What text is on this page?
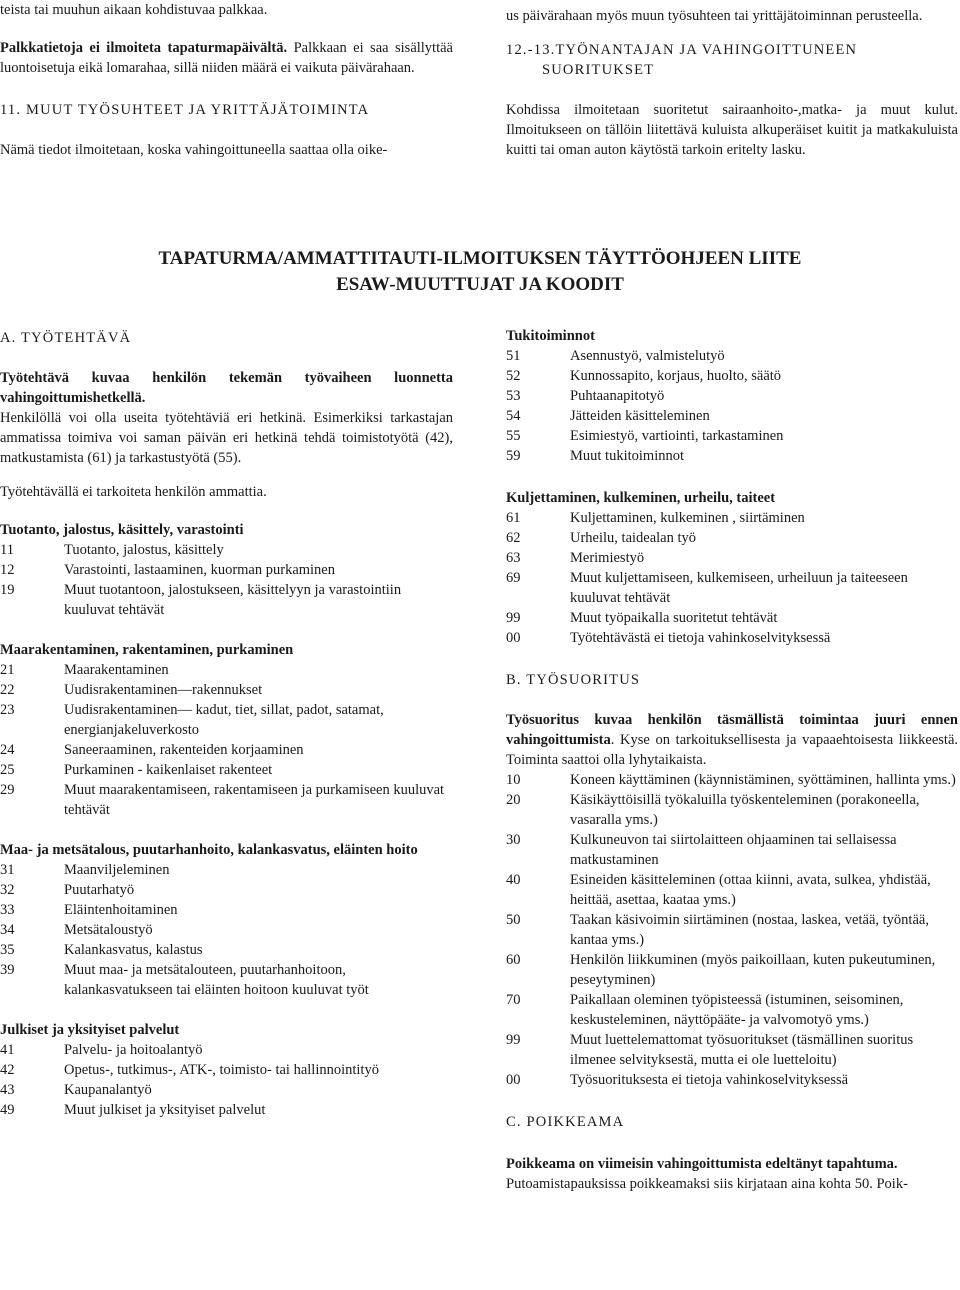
teista tai muuhun aikaan kohdistuvaa palkkaa.

Palkkatietoja ei ilmoiteta tapaturmapäivältä. Palkkaan ei saa sisällyttää luontoisetuja eikä lomarahaa, sillä niiden määrä ei vaikuta päivärahaan.

11. MUUT TYÖSUHTEET JA YRITTÄJÄTOIMINTA

Nämä tiedot ilmoitetaan, koska vahingoittuneella saattaa olla oike-

us päivärahaan myös muun työsuhteen tai yrittäjätoiminnan perusteella.

12.-13.TYÖNANTAJAN JA VAHINGOITTUNEEN

SUORITUKSET

Kohdissa ilmoitetaan suoritetut sairaanhoito-,matka- ja muut kulut. Ilmoitukseen on tällöin liitettävä kuluista alkuperäiset kuitit ja matkakuluista kuitti tai oman auton käytöstä tarkoin eritelty lasku.

TAPATURMA/AMMATTITAUTI-ILMOITUKSEN TÄYTTÖOHJEEN LIITE
ESAW-MUUTTUJAT JA KOODIT

A. TYÖTEHTÄVÄ

Työtehtävä kuvaa henkilön tekemän työvaiheen luonnetta vahingoittumishetkellä.

Henkilöllä voi olla useita työtehtäviä eri hetkinä. Esimerkiksi tarkastajan ammatissa toimiva voi saman päivän eri hetkinä tehdä toimistotyötä (42), matkustamista (61) ja tarkastustyötä (55).

Työtehtävällä ei tarkoiteta henkilön ammattia.

Tuotanto, jalostus, käsittely, varastointi

11	Tuotanto, jalostus, käsittely
12	Varastointi, lastaaminen, kuorman purkaminen
19	Muut tuotantoon, jalostukseen, käsittelyyn ja varastointiin kuuluvat tehtävät

Maarakentaminen, rakentaminen, purkaminen

21	Maarakentaminen
22	Uudisrakentaminen—rakennukset
23	Uudisrakentaminen— kadut, tiet, sillat, padot, satamat, energianjakeluverkosto
24	Saneeraaminen, rakenteiden korjaaminen
25	Purkaminen - kaikenlaiset rakenteet
29	Muut maarakentamiseen, rakentamiseen ja purkamiseen kuuluvat tehtävät

Maa- ja metsätalous, puutarhanhoito, kalankasvatus, eläinten hoito

31	Maanviljeleminen
32	Puutarhatyö
33	Eläintenhoitaminen
34	Metsätaloustyö
35	Kalankasvatus, kalastus
39	Muut maa- ja metsätalouteen, puutarhanhoitoon, kalankasvatukseen tai eläinten hoitoon kuuluvat työt

Julkiset ja yksityiset palvelut

41	Palvelu- ja hoitoalantyö
42	Opetus-, tutkimus-, ATK-, toimisto- tai hallinnointityö
43	Kaupanalantyö
49	Muut julkiset ja yksityiset palvelut

Tukitoiminnot

51	Asennustyö, valmistelutyö
52	Kunnossapito, korjaus, huolto, säätö
53	Puhtaanapitotyö
54	Jätteiden käsitteleminen
55	Esimiestyö, vartiointi, tarkastaminen
59	Muut tukitoiminnot

Kuljettaminen, kulkeminen, urheilu, taiteet

61	Kuljettaminen, kulkeminen , siirtäminen
62	Urheilu, taidealan työ
63	Merimiestyö
69	Muut kuljettamiseen, kulkemiseen, urheiluun ja taiteeseen kuuluvat tehtävät
99	Muut työpaikalla suoritetut tehtävät
00	Työtehtävästä ei tietoja vahinkoselvityksessä

B. TYÖSUORITUS

Työsuoritus kuvaa henkilön täsmällistä toimintaa juuri ennen vahingoittumista. Kyse on tarkoituksellisesta ja vapaaehtoisesta liikkeestä. Toiminta saattoi olla lyhytaikaista.

10	Koneen käyttäminen (käynnistäminen, syöttäminen, hallinta yms.)
20	Käsikäyttöisillä työkaluilla työskenteleminen (porakoneella, vasaralla yms.)
30	Kulkuneuvon tai siirtolaitteen ohjaaminen tai sellaisessa matkustaminen
40	Esineiden käsitteleminen (ottaa kiinni, avata, sulkea, yhdistää, heittää, asettaa, kaataa yms.)
50	Taakan käsivoimin siirtäminen (nostaa, laskea, vetää, työntää, kantaa yms.)
60	Henkilön liikkuminen (myös paikoillaan, kuten pukeutuminen, peseytyminen)
70	Paikallaan oleminen työpisteessä (istuminen, seisominen, keskusteleminen, näyttöpääte- ja valvomotyö yms.)
99	Muut luettelemattomat työsuoritukset (täsmällinen suoritus ilmenee selvityksestä, mutta ei ole luetteloitu)
00	Työsuorituksesta ei tietoja vahinkoselvityksessä

C. POIKKEAMA

Poikkeama on viimeisin vahingoittumista edeltänyt tapahtuma.

Putoamistapauksissa poikkeamaksi siis kirjataan aina kohta 50. Poik-
